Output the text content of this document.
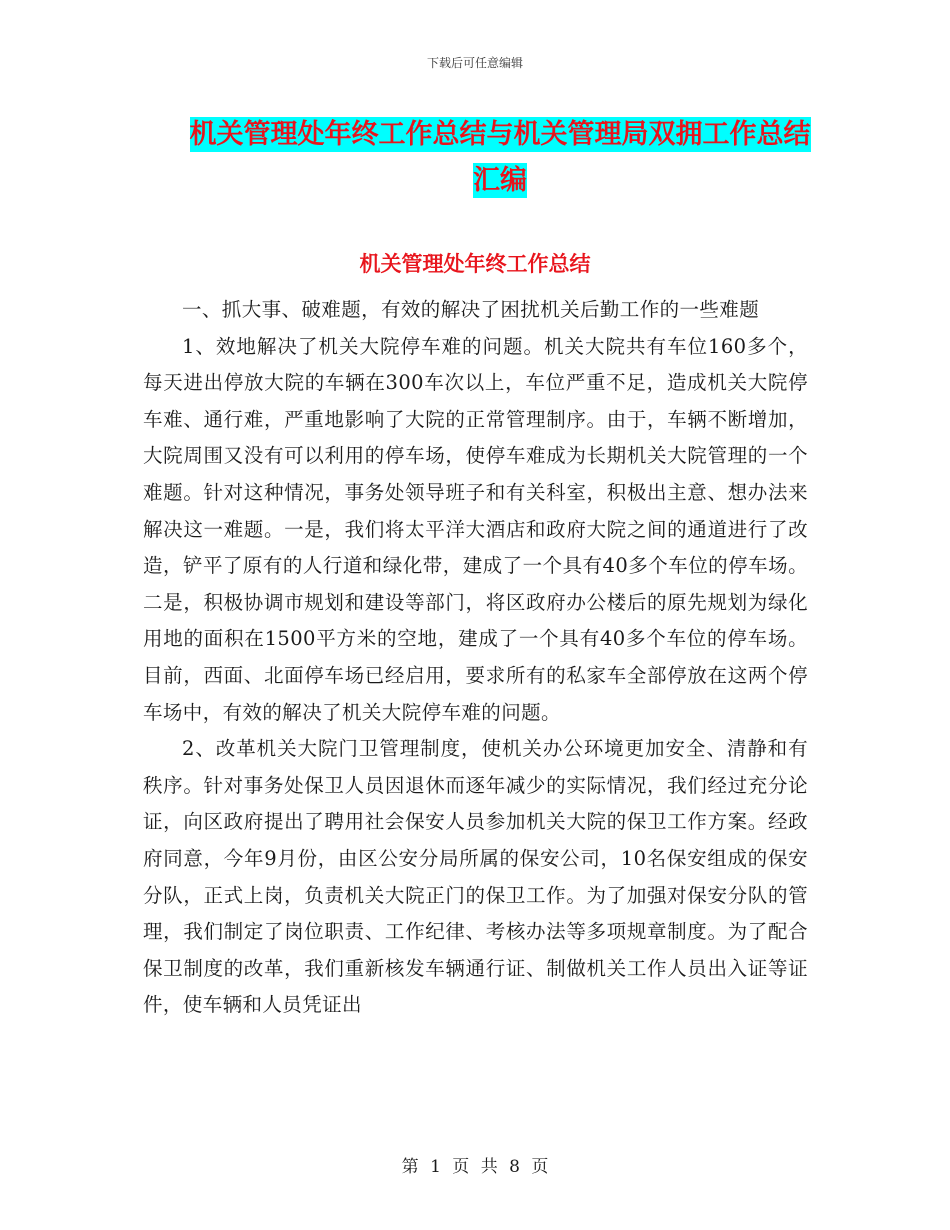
下载后可任意编辑
机关管理处年终工作总结与机关管理局双拥工作总结
汇编
机关管理处年终工作总结

一、抓大事、破难题，有效的解决了困扰机关后勤工作的一些难题

1、效地解决了机关大院停车难的问题。机关大院共有车位160多个，每天进出停放大院的车辆在300车次以上，车位严重不足，造成机关大院停车难、通行难，严重地影响了大院的正常管理制序。由于，车辆不断增加，大院周围又没有可以利用的停车场，使停车难成为长期机关大院管理的一个难题。针对这种情况，事务处领导班子和有关科室，积极出主意、想办法来解决这一难题。一是，我们将太平洋大酒店和政府大院之间的通道进行了改造，铲平了原有的人行道和绿化带，建成了一个具有40多个车位的停车场。二是，积极协调市规划和建设等部门，将区政府办公楼后的原先规划为绿化用地的面积在1500平方米的空地，建成了一个具有40多个车位的停车场。目前，西面、北面停车场已经启用，要求所有的私家车全部停放在这两个停车场中，有效的解决了机关大院停车难的问题。

2、改革机关大院门卫管理制度，使机关办公环境更加安全、清静和有秩序。针对事务处保卫人员因退休而逐年减少的实际情况，我们经过充分论证，向区政府提出了聘用社会保安人员参加机关大院的保卫工作方案。经政府同意，今年9月份，由区公安分局所属的保安公司，10名保安组成的保安分队，正式上岗，负责机关大院正门的保卫工作。为了加强对保安分队的管理，我们制定了岗位职责、工作纪律、考核办法等多项规章制度。为了配合保卫制度的改革，我们重新核发车辆通行证、制做机关工作人员出入证等证件，使车辆和人员凭证出

第 1 页 共 8 页
